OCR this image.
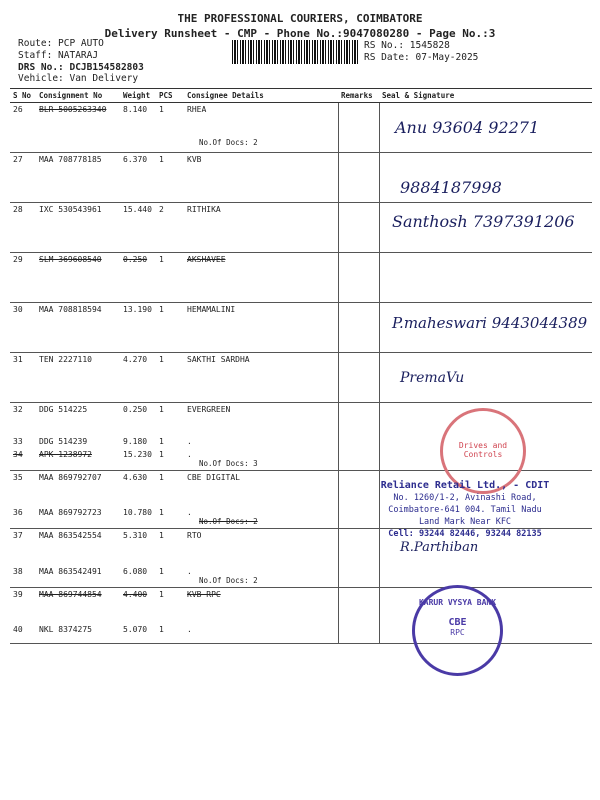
THE PROFESSIONAL COURIERS, COIMBATORE
Delivery Runsheet - CMP - Phone No.:9047080280 - Page No.:3
Route: PCP AUTO
Staff: NATARAJ
DRS No.: DCJB154582803
Vehicle: Van Delivery
RS No.: 1545828
RS Date: 07-May-2025
S No	Consignment No	Weight	PCS	Consignee Details	Remarks	Seal & Signature
26	BLR 5005263340	8.140	1	RHEA
No.Of Docs: 2		

27	MAA 708778185	6.370	1	KVB		
28	IXC 530543961	15.440	2	RITHIKA		
29	SLM 369608540	0.250	1	AKSHAVEE		
30	MAA 708818594	13.190	1	HEMAMALINI		
31	TEN 2227110	4.270	1	SAKTHI SARDHA		
32	DDG 514225	0.250	1	EVERGREEN		
33	DDG 514239	9.180	1	.		
34	APK 1238972	15.230	1	.
No.Of Docs: 3		

35	MAA 869792707	4.630	1	CBE DIGITAL		
36	MAA 869792723	10.780	1	.
No.Of Docs: 2		

37	MAA 863542554	5.310	1	RTO		
38	MAA 863542491	6.080	1	.
No.Of Docs: 2		

39	MAA 869744854	4.400	1	KVB RPC		
40	NKL 8374275	5.070	1	.		
Anu 93604 92271
9884187998
Santhosh 7397391206
P.maheswari 9443044389
PremaVu
R.Parthiban
Drives and Controls
Reliance Retail Ltd., - CDIT
No. 1260/1-2, Avinashi Road,
Coimbatore-641 004. Tamil Nadu
Land Mark Near KFC
Cell: 93244 82446, 93244 82135
KARUR VYSYA BANK
CBE
RPC
